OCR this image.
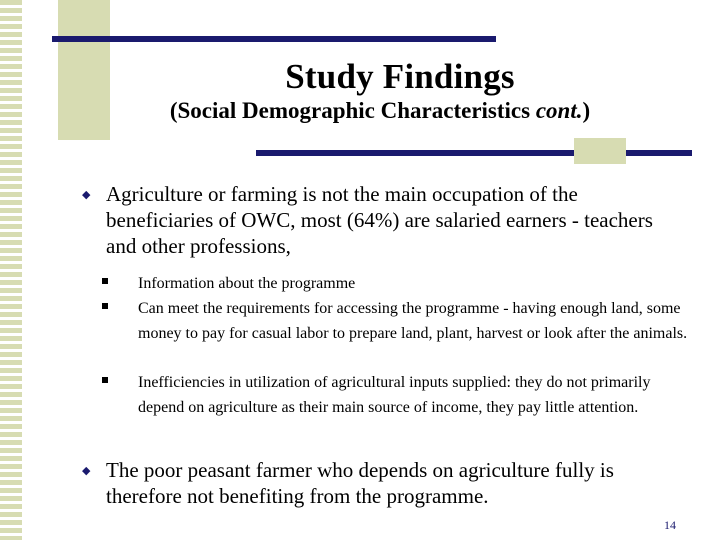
Study Findings
(Social Demographic Characteristics cont.)
◆ Agriculture or farming is not the main occupation of the beneficiaries of OWC, most (64%) are salaried earners - teachers and other professions,
Information about the programme
Can meet the requirements for accessing the programme - having enough land, some money to pay for casual labor to prepare land, plant, harvest or look after the animals.
Inefficiencies in utilization of agricultural inputs supplied: they do not primarily depend on agriculture as their main source of income, they pay little attention.
◆ The poor peasant farmer who depends on agriculture fully is therefore not benefiting from the programme.
14
